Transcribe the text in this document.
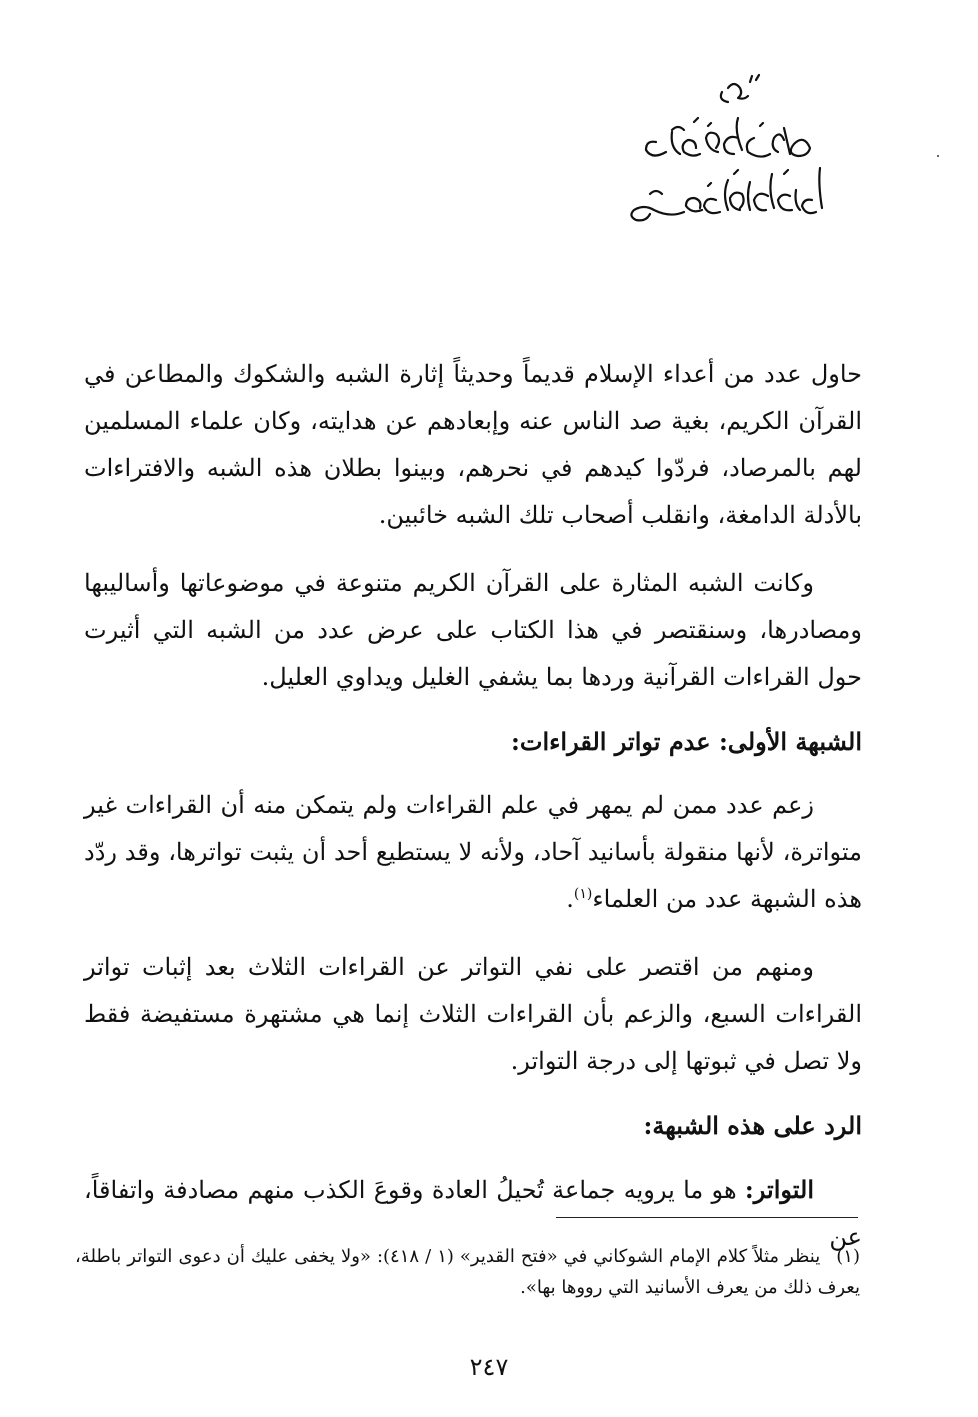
حاول عدد من أعداء الإسلام قديماً وحديثاً إثارة الشبه والشكوك والمطاعن في القرآن الكريم، بغية صد الناس عنه وإبعادهم عن هدايته، وكان علماء المسلمين لهم بالمرصاد، فردّوا كيدهم في نحرهم، وبينوا بطلان هذه الشبه والافتراءات بالأدلة الدامغة، وانقلب أصحاب تلك الشبه خائبين.

وكانت الشبه المثارة على القرآن الكريم متنوعة في موضوعاتها وأساليبها ومصادرها، وسنقتصر في هذا الكتاب على عرض عدد من الشبه التي أثيرت حول القراءات القرآنية وردها بما يشفي الغليل ويداوي العليل.

الشبهة الأولى: عدم تواتر القراءات:

زعم عدد ممن لم يمهر في علم القراءات ولم يتمكن منه أن القراءات غير متواترة، لأنها منقولة بأسانيد آحاد، ولأنه لا يستطيع أحد أن يثبت تواترها، وقد ردّد هذه الشبهة عدد من العلماء$^{(١)}$.

ومنهم من اقتصر على نفي التواتر عن القراءات الثلاث بعد إثبات تواتر القراءات السبع، والزعم بأن القراءات الثلاث إنما هي مشتهرة مستفيضة فقط ولا تصل في ثبوتها إلى درجة التواتر.

الرد على هذه الشبهة:

التواتر: هو ما يرويه جماعة تُحيلُ العادة وقوعَ الكذب منهم مصادفة واتفاقاً، عن

(١) ينظر مثلاً كلام الإمام الشوكاني في «فتح القدير» (١ / ٤١٨): «ولا يخفى عليك أن دعوى التواتر باطلة، يعرف ذلك من يعرف الأسانيد التي رووها بها».
٢٤٧
